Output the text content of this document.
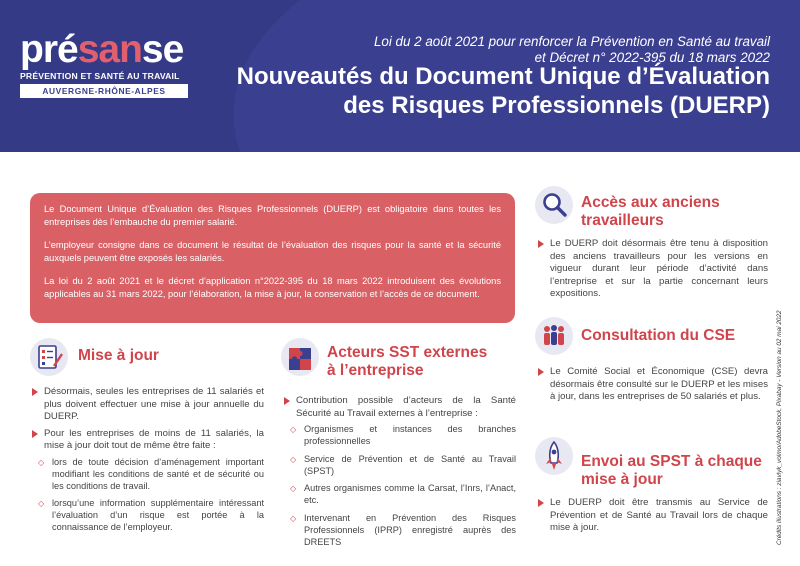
présanse
PRÉVENTION ET SANTÉ AU TRAVAIL
AUVERGNE-RHÔNE-ALPES
Loi du 2 août 2021 pour renforcer la Prévention en Santé au travail
et Décret n° 2022-395 du 18 mars 2022
Nouveautés du Document Unique d’Évaluation
des Risques Professionnels (DUERP)

Le Document Unique d’Évaluation des Risques Professionnels (DUERP) est obligatoire dans toutes les entreprises dès l’embauche du premier salarié.

L’employeur consigne dans ce document le résultat de l’évaluation des risques pour la santé et la sécurité auxquels peuvent être exposés les salariés.

La loi du 2 août 2021 et le décret d’application n°2022-395 du 18 mars 2022 introduisent des évolutions applicables au 31 mars 2022, pour l’élaboration, la mise à jour, la conservation et l’accès de ce document.

Mise à jour
Désormais, seules les entreprises de 11 salariés et plus doivent effectuer une mise à jour annuelle du DUERP.
Pour les entreprises de moins de 11 salariés, la mise à jour doit tout de même être faite :
◇ lors de toute décision d’aménagement important modifiant les conditions de santé et de sécurité ou les conditions de travail.
◇ lorsqu’une information supplémentaire intéressant l’évaluation d’un risque est portée à la connaissance de l’employeur.
Acteurs SST externes
à l’entreprise
Contribution possible d’acteurs de la Santé Sécurité au Travail externes à l’entreprise :
◇ Organismes et instances des branches professionnelles
◇ Service de Prévention et de Santé au Travail (SPST)
◇ Autres organismes comme la Carsat, l’Inrs, l’Anact, etc.
◇ Intervenant en Prévention des Risques Professionnels (IPRP) enregistré auprès des DREETS
Accès aux anciens
travailleurs
Le DUERP doit désormais être tenu à disposition des anciens travailleurs pour les versions en vigueur durant leur période d’activité dans l’entreprise et sur la partie concernant leurs expositions.
Consultation du CSE
Le Comité Social et Économique (CSE) devra désormais être consulté sur le DUERP et les mises à jour, dans les entreprises de 50 salariés et plus.
Envoi au SPST à chaque
mise à jour
Le DUERP doit être transmis au Service de Prévention et de Santé au Travail lors de chaque mise à jour.	Crédits illustrations : ziavlyk_volmo/AdobeStock, Pixabay - Version au 02 mai 2022
